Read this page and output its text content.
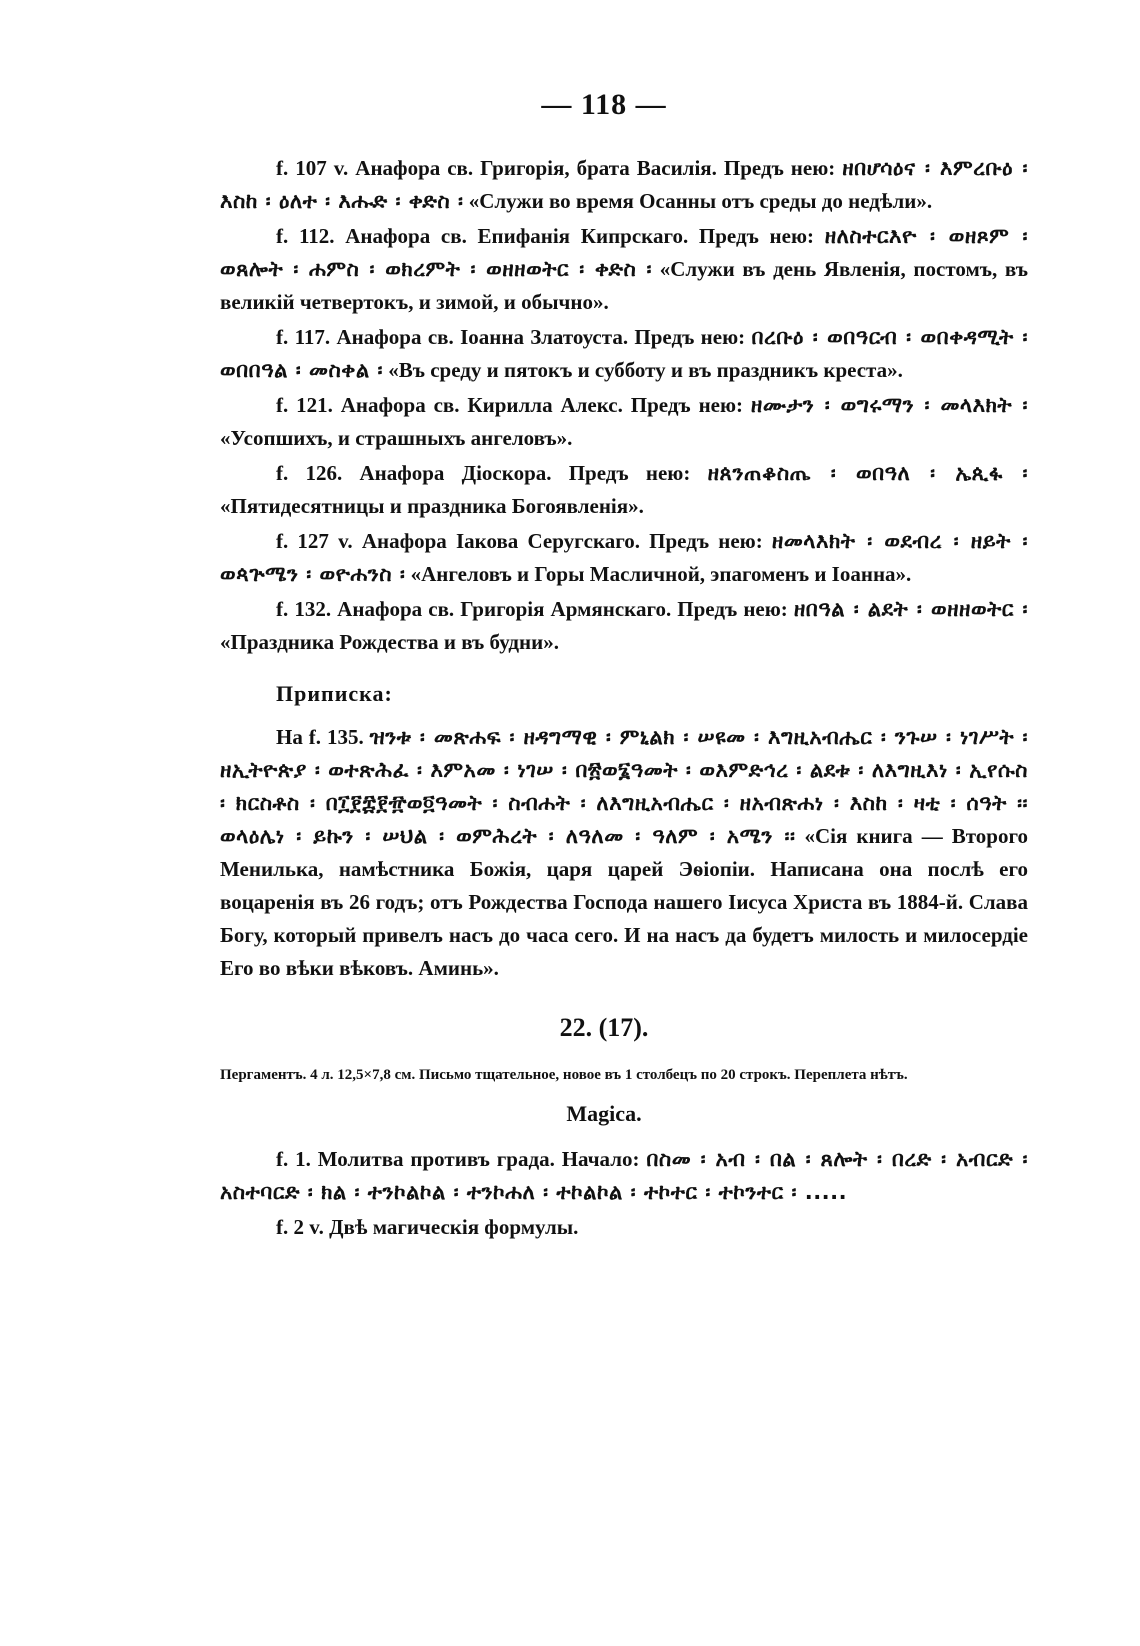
— 118 —

f. 107 v. Анафора св. Григорія, брата Василія. Предъ нею: ዘበሆሳዕና ፡ እምረቡዕ ፡ እስከ ፡ ዕለተ ፡ እሑድ ፡ ቀድስ ፡ «Служи во время Осанны отъ среды до недѣли».

f. 112. Анафора св. Епифанія Кипрскаго. Предъ нею: ዘለስተርእዮ ፡ ወዘጾም ፡ ወጸሎት ፡ ሐምስ ፡ ወክረምት ፡ ወዘዘወትር ፡ ቀድስ ፡ «Служи въ день Явленія, постомъ, въ великій четвертокъ, и зимой, и обычно».

f. 117. Анафора св. Іоанна Златоуста. Предъ нею: በረቡዕ ፡ ወበዓርብ ፡ ወበቀዳሚት ፡ ወበበዓል ፡ መስቀል ፡ «Въ среду и пятокъ и субботу и въ праздникъ креста».

f. 121. Анафора св. Кирилла Алекс. Предъ нею: ዘሙታን ፡ ወግሩማን ፡ መላእክት ፡ «Усопшихъ, и страшныхъ ангеловъ».

f. 126. Анафора Діоскора. Предъ нею: ዘጰንጠቆስጤ ፡ ወበዓለ ፡ ኤጲፋ ፡ «Пятидесятницы и праздника Богоявленія».

f. 127 v. Анафора Іакова Серугскаго. Предъ нею: ዘመላእክት ፡ ወደብረ ፡ ዘይት ፡ ወጳጕሜን ፡ ወዮሐንስ ፡ «Ангеловъ и Горы Масличной, эпагоменъ и Іоанна».

f. 132. Анафора св. Григорія Армянскаго. Предъ нею: ዘበዓል ፡ ልደት ፡ ወዘዘወትር ፡ «Праздника Рождества и въ будни».

Приписка:

На f. 135. ዝንቱ ፡ መጽሐፍ ፡ ዘዳግማዊ ፡ ምኒልክ ፡ ሠዩመ ፡ እግዚአብሔር ፡ ንጉሠ ፡ ነገሥት ፡ ዘኢትዮጵያ ፡ ወተጽሕፈ ፡ እምአመ ፡ ነገሠ ፡ በ፳ወ፮ዓመት ፡ ወእምድኅረ ፡ ልደቱ ፡ ለእግዚእነ ፡ ኢየሱስ ፡ ክርስቶስ ፡ በ፲፻፰፻፹ወ፬ዓመት ፡ ስብሐት ፡ ለእግዚአብሔር ፡ ዘአብጽሐነ ፡ እስከ ፡ ዛቲ ፡ ሰዓት ፡፡ ወላዕሌነ ፡ ይኩን ፡ ሠህል ፡ ወምሕረት ፡ ለዓለመ ፡ ዓለም ፡ አሜን ፡፡ «Сія книга — Второго Менилька, намѣстника Божія, царя царей Эѳіопіи. Написана она послѣ его воцаренія въ 26 годъ; отъ Рождества Господа нашего Іисуса Христа въ 1884-й. Слава Богу, который привелъ насъ до часа сего. И на насъ да будетъ милость и милосердіе Его во вѣки вѣковъ. Аминь».

22. (17).

Пергаментъ. 4 л. 12,5×7,8 см. Письмо тщательное, новое въ 1 столбецъ по 20 строкъ. Переплета нѣтъ.

Magica.

f. 1. Молитва противъ града. Начало: በስመ ፡ አብ ፡ በል ፡ ጸሎት ፡ በረድ ፡ አብርድ ፡ አስተባርድ ፡ ክል ፡ ተንኮልኮል ፡ ተንኮሐለ ፡ ተኮልኮል ፡ ተኮተር ፡ ተኮንተር ፡ .....

f. 2 v. Двѣ магическія формулы.
